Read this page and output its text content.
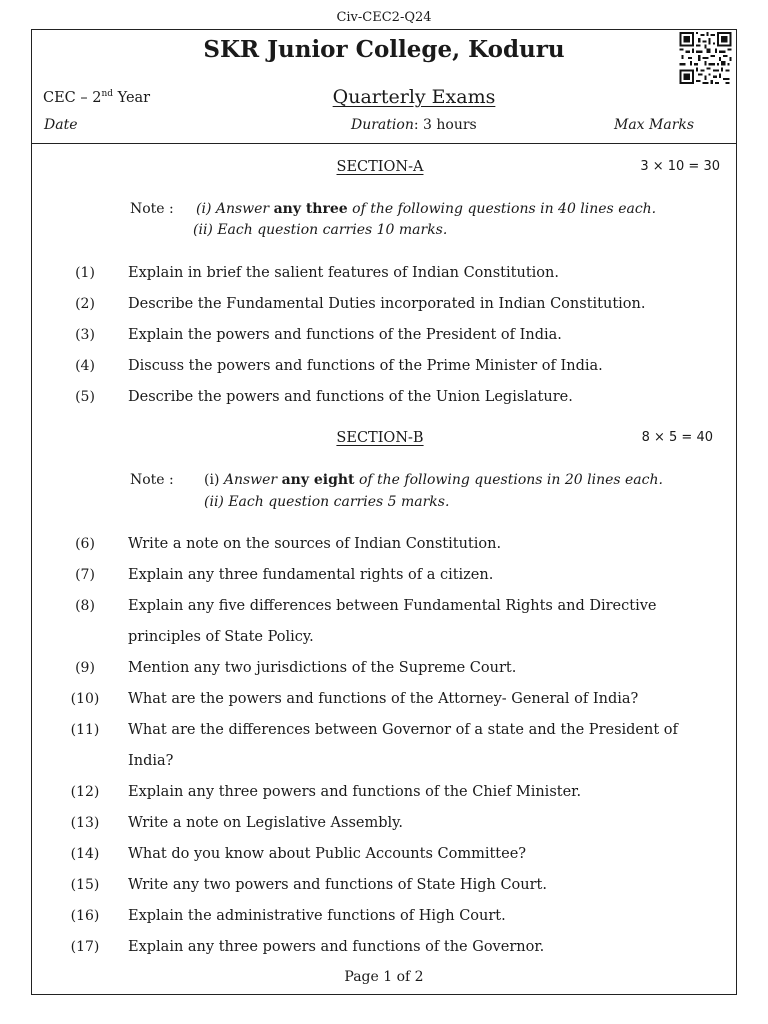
Civ-CEC2-Q24
SKR Junior College, Koduru
CEC – 2nd Year	Quarterly Exams
Date	Duration: 3 hours	Max Marks
SECTION-A	3 × 10 = 30
Note : (i) Answer any three of the following questions in 40 lines each.
(ii) Each question carries 10 marks.
(1)	Explain in brief the salient features of Indian Constitution.
(2)	Describe the Fundamental Duties incorporated in Indian Constitution.
(3)	Explain the powers and functions of the President of India.
(4)	Discuss the powers and functions of the Prime Minister of India.
(5)	Describe the powers and functions of the Union Legislature.
SECTION-B	8 × 5 = 40
Note : (i) Answer any eight of the following questions in 20 lines each.
(ii) Each question carries 5 marks.
(6)	Write a note on the sources of Indian Constitution.
(7)	Explain any three fundamental rights of a citizen.
(8)	Explain any five differences between Fundamental Rights and Directive principles of State Policy.
(9)	Mention any two jurisdictions of the Supreme Court.
(10)	What are the powers and functions of the Attorney- General of India?
(11)	What are the differences between Governor of a state and the President of India?
(12)	Explain any three powers and functions of the Chief Minister.
(13)	Write a note on Legislative Assembly.
(14)	What do you know about Public Accounts Committee?
(15)	Write any two powers and functions of State High Court.
(16)	Explain the administrative functions of High Court.
(17)	Explain any three powers and functions of the Governor.
Page 1 of 2
